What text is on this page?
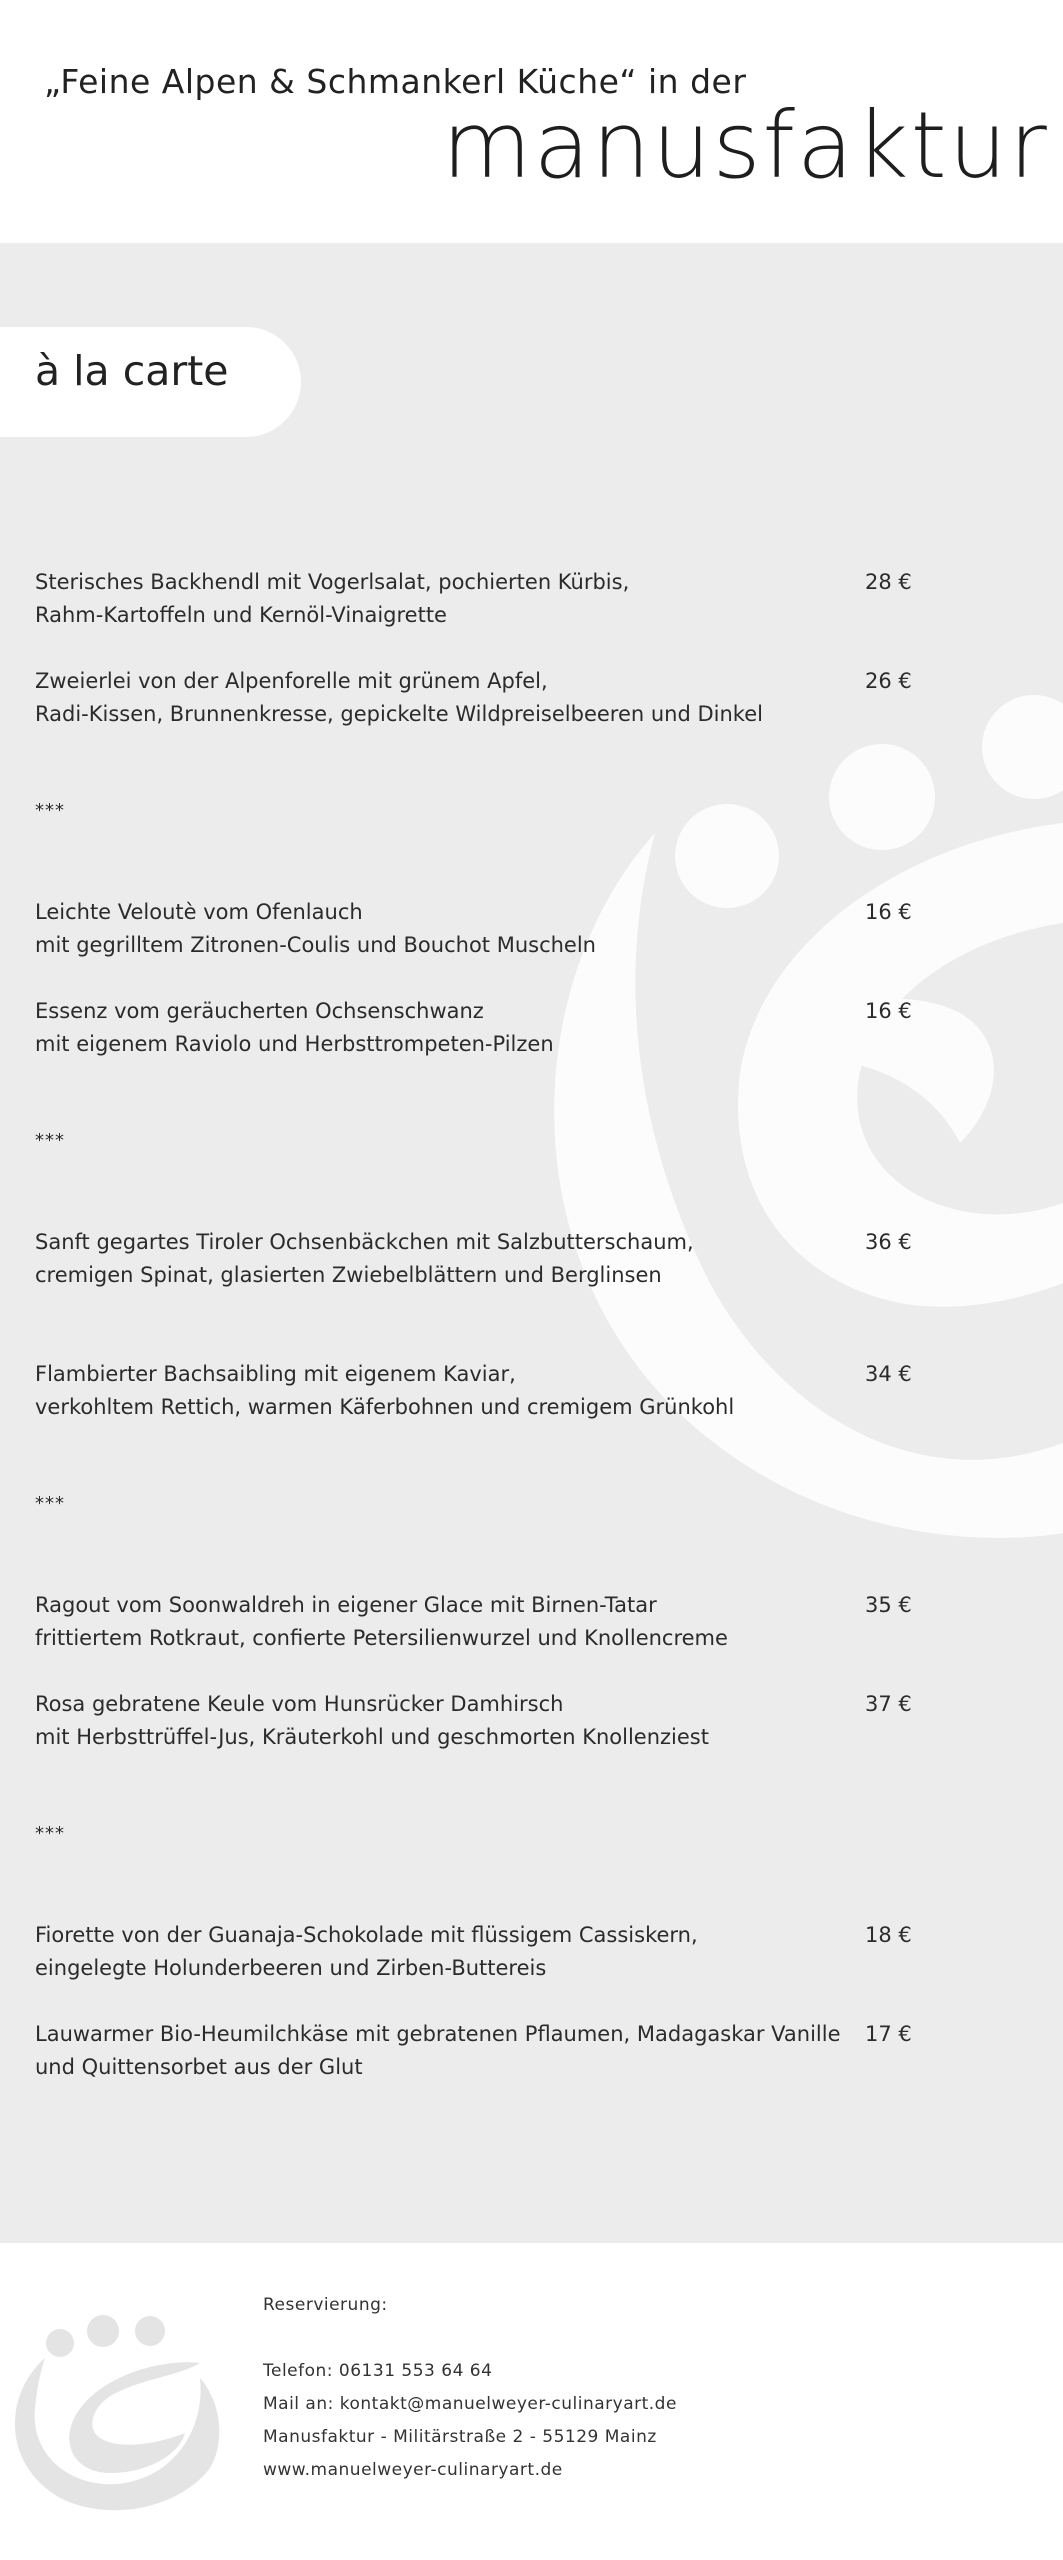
„Feine Alpen & Schmankerl Küche“ in der
manusfaktur
à la carte
Sterisches Backhendl mit Vogerlsalat, pochierten Kürbis,
Rahm-Kartoffeln und Kernöl-Vinaigrette
28 €
Zweierlei von der Alpenforelle mit grünem Apfel,
Radi-Kissen, Brunnenkresse, gepickelte Wildpreiselbeeren und Dinkel
26 €
***
Leichte Veloutè vom Ofenlauch
mit gegrilltem Zitronen-Coulis und Bouchot Muscheln
16 €
Essenz vom geräucherten Ochsenschwanz
mit eigenem Raviolo und Herbsttrompeten-Pilzen
16 €
***
Sanft gegartes Tiroler Ochsenbäckchen mit Salzbutterschaum,
cremigen Spinat, glasierten Zwiebelblättern und Berglinsen
36 €
Flambierter Bachsaibling mit eigenem Kaviar,
verkohltem Rettich, warmen Käferbohnen und cremigem Grünkohl
34 €
***
Ragout vom Soonwaldreh in eigener Glace mit Birnen-Tatar
frittiertem Rotkraut, confierte Petersilienwurzel und Knollencreme
35 €
Rosa gebratene Keule vom Hunsrücker Damhirsch
mit Herbsttrüffel-Jus, Kräuterkohl und geschmorten Knollenziest
37 €
***
Fiorette von der Guanaja-Schokolade mit flüssigem Cassiskern,
eingelegte Holunderbeeren und Zirben-Buttereis
18 €
Lauwarmer Bio-Heumilchkäse mit gebratenen Pflaumen, Madagaskar Vanille
und Quittensorbet aus der Glut
17 €
Reservierung:
Telefon: 06131 553 64 64
Mail an: kontakt@manuelweyer-culinaryart.de
Manusfaktur - Militärstraße 2 - 55129 Mainz
www.manuelweyer-culinaryart.de
